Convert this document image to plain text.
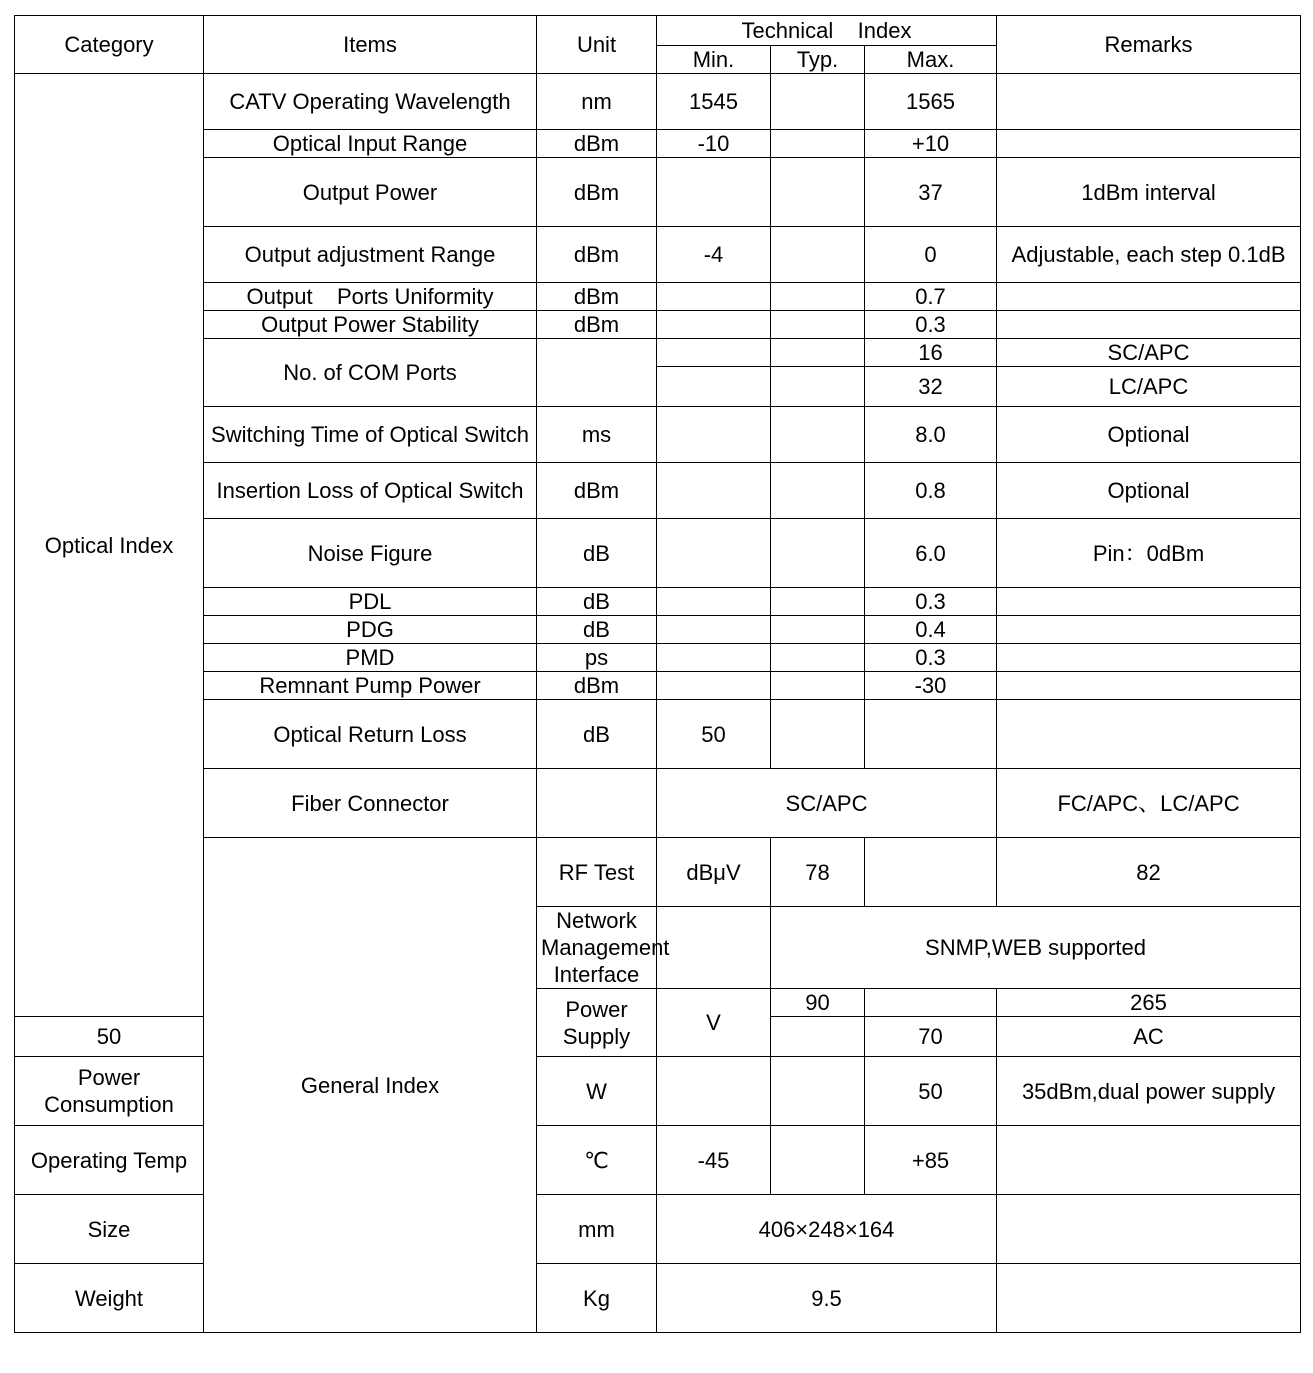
Category	Items	Unit	Technical    Index			Remarks	
			Min.	Typ.	Max.		
Optical Index	CATV Operating Wavelength	nm	1545		1565		
	Optical Input Range	dBm	-10		+10		
	Output Power	dBm			37	1dBm interval	
	Output adjustment Range	dBm	-4		0	Adjustable, each step 0.1dB	
	Output    Ports Uniformity	dBm			0.7		
	Output Power Stability	dBm			0.3		
	No. of COM Ports				16	SC/APC	
					32	LC/APC	
	Switching Time of Optical Switch	ms			8.0	Optional	
	Insertion Loss of Optical Switch	dBm			0.8	Optional	
	Noise Figure	dB			6.0	Pin：0dBm	
	PDL	dB			0.3		
	PDG	dB			0.4		
	PMD	ps			0.3		
	Remnant Pump Power	dBm			-30		
	Optical Return Loss	dB	50				
	Fiber Connector		SC/APC			FC/APC、LC/APC	
	General Index	RF Test	dBμV	78		82	
		Network Management Interface		SNMP,WEB supported			
		Power Supply	V	90		265	
50					70	AC	
Power Consumption		W			50	35dBm,dual power supply	
Operating Temp		℃	-45		+85		
Size		mm	406×248×164				
Weight		Kg	9.5				
